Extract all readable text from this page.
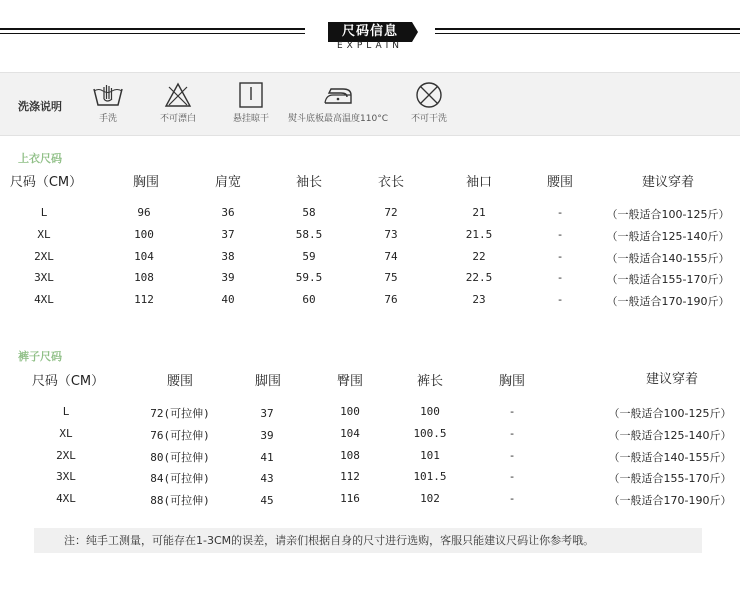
尺码信息
EXPLAIN
洗涤说明
手洗	不可漂白	悬挂晾干	熨斗底板最高温度110°C	不可干洗
上衣尺码
尺码（CM）	胸围	肩宽	袖长	衣长	袖口	腰围	建议穿着
L	96	36	58	72	21	-	（一般适合100-125斤）
XL	100	37	58.5	73	21.5	-	（一般适合125-140斤）
2XL	104	38	59	74	22	-	（一般适合140-155斤）
3XL	108	39	59.5	75	22.5	-	（一般适合155-170斤）
4XL	112	40	60	76	23	-	（一般适合170-190斤）
裤子尺码
尺码（CM）	腰围	脚围	臀围	裤长	胸围	建议穿着
L	72(可拉伸)	37	100	100	-	（一般适合100-125斤）
XL	76(可拉伸)	39	104	100.5	-	（一般适合125-140斤）
2XL	80(可拉伸)	41	108	101	-	（一般适合140-155斤）
3XL	84(可拉伸)	43	112	101.5	-	（一般适合155-170斤）
4XL	88(可拉伸)	45	116	102	-	（一般适合170-190斤）
注：纯手工测量，可能存在1-3CM的误差，请亲们根据自身的尺寸进行选购，客服只能建议尺码让你参考哦。
